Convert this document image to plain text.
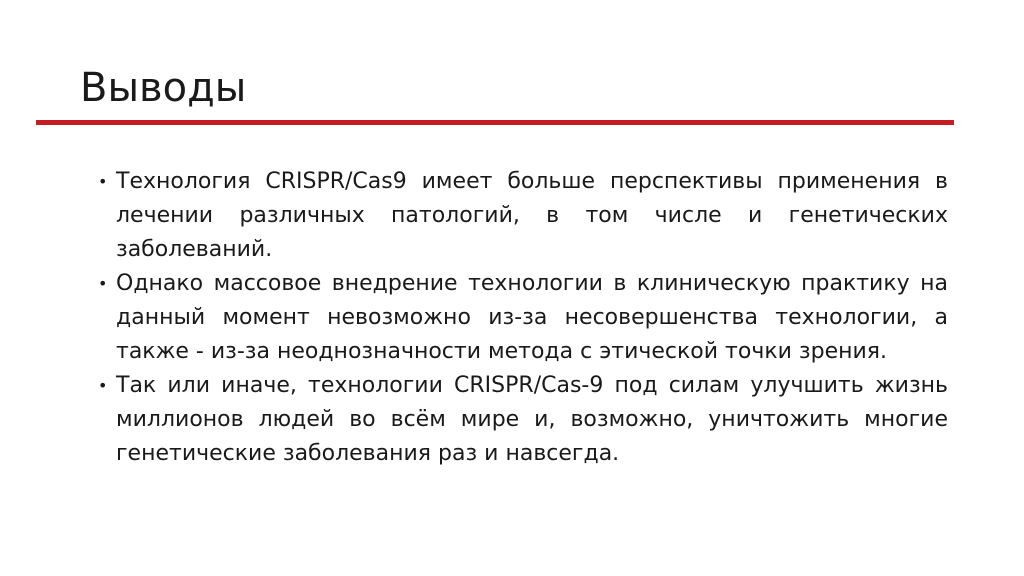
Выводы
• Технология CRISPR/Cas9 имеет больше перспективы применения в лечении различных патологий, в том числе и генетических заболеваний.
• Однако массовое внедрение технологии в клиническую практику на данный момент невозможно из-за несовершенства технологии, а также - из-за неоднозначности метода с этической точки зрения.
• Так или иначе, технологии CRISPR/Cas-9 под силам улучшить жизнь миллионов людей во всём мире и, возможно, уничтожить многие генетические заболевания раз и навсегда.
